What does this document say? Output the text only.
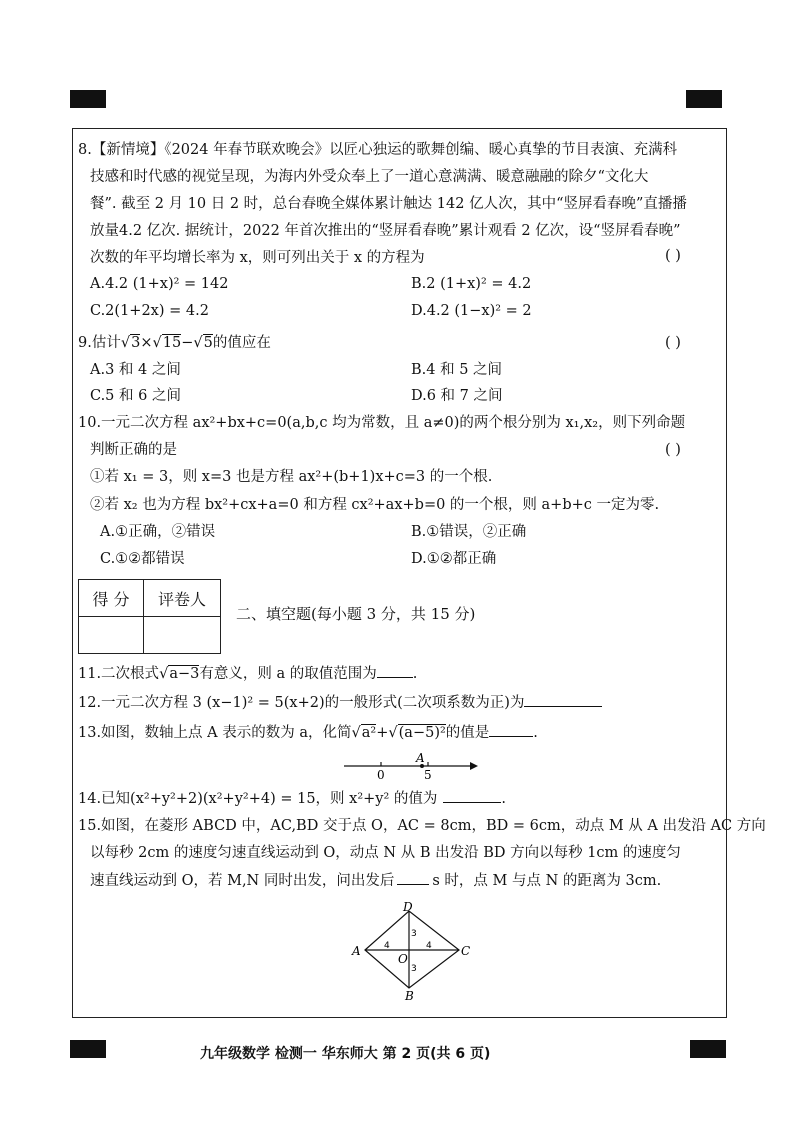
8.【新情境】《2024 年春节联欢晚会》以匠心独运的歌舞创编、暖心真挚的节目表演、充满科
技感和时代感的视觉呈现，为海内外受众奉上了一道心意满满、暖意融融的除夕“文化大
餐”. 截至 2 月 10 日 2 时，总台春晚全媒体累计触达 142 亿人次，其中“竖屏看春晚”直播播
放量4.2 亿次. 据统计，2022 年首次推出的“竖屏看春晚”累计观看 2 亿次，设“竖屏看春晚”
次数的年平均增长率为 x，则可列出关于 x 的方程为	( )
A.4.2 (1+x)² = 142	B.2 (1+x)² = 4.2
C.2(1+2x) = 4.2	D.4.2 (1−x)² = 2
9.估计√3×√15−√5的值应在	( )
A.3 和 4 之间	B.4 和 5 之间
C.5 和 6 之间	D.6 和 7 之间
10.一元二次方程 ax²+bx+c=0(a,b,c 均为常数，且 a≠0)的两个根分别为 x₁,x₂，则下列命题
判断正确的是	( )
①若 x₁ = 3，则 x=3 也是方程 ax²+(b+1)x+c=3 的一个根.
②若 x₂ 也为方程 bx²+cx+a=0 和方程 cx²+ax+b=0 的一个根，则 a+b+c 一定为零.
A.①正确，②错误	B.①错误，②正确
C.①②都错误	D.①②都正确
得 分	评卷人

二、填空题(每小题 3 分，共 15 分)
11.二次根式√a−3有意义，则 a 的取值范围为 .
12.一元二次方程 3 (x−1)² = 5(x+2)的一般形式(二次项系数为正)为
13.如图，数轴上点 A 表示的数为 a，化简√a²+√(a−5)²的值是	.
0	5
A
14.已知(x²+y²+2)(x²+y²+4) = 15，则 x²+y² 的值为	.
15.如图，在菱形 ABCD 中，AC,BD 交于点 O，AC = 8cm，BD = 6cm，动点 M 从 A 出发沿 AC 方向
以每秒 2cm 的速度匀速直线运动到 O，动点 N 从 B 出发沿 BD 方向以每秒 1cm 的速度匀
速直线运动到 O，若 M,N 同时出发，问出发后	s 时，点 M 与点 N 的距离为 3cm.
A	C
D
B
O
3
4	4
3
九年级数学 检测一 华东师大 第 2 页(共 6 页)
